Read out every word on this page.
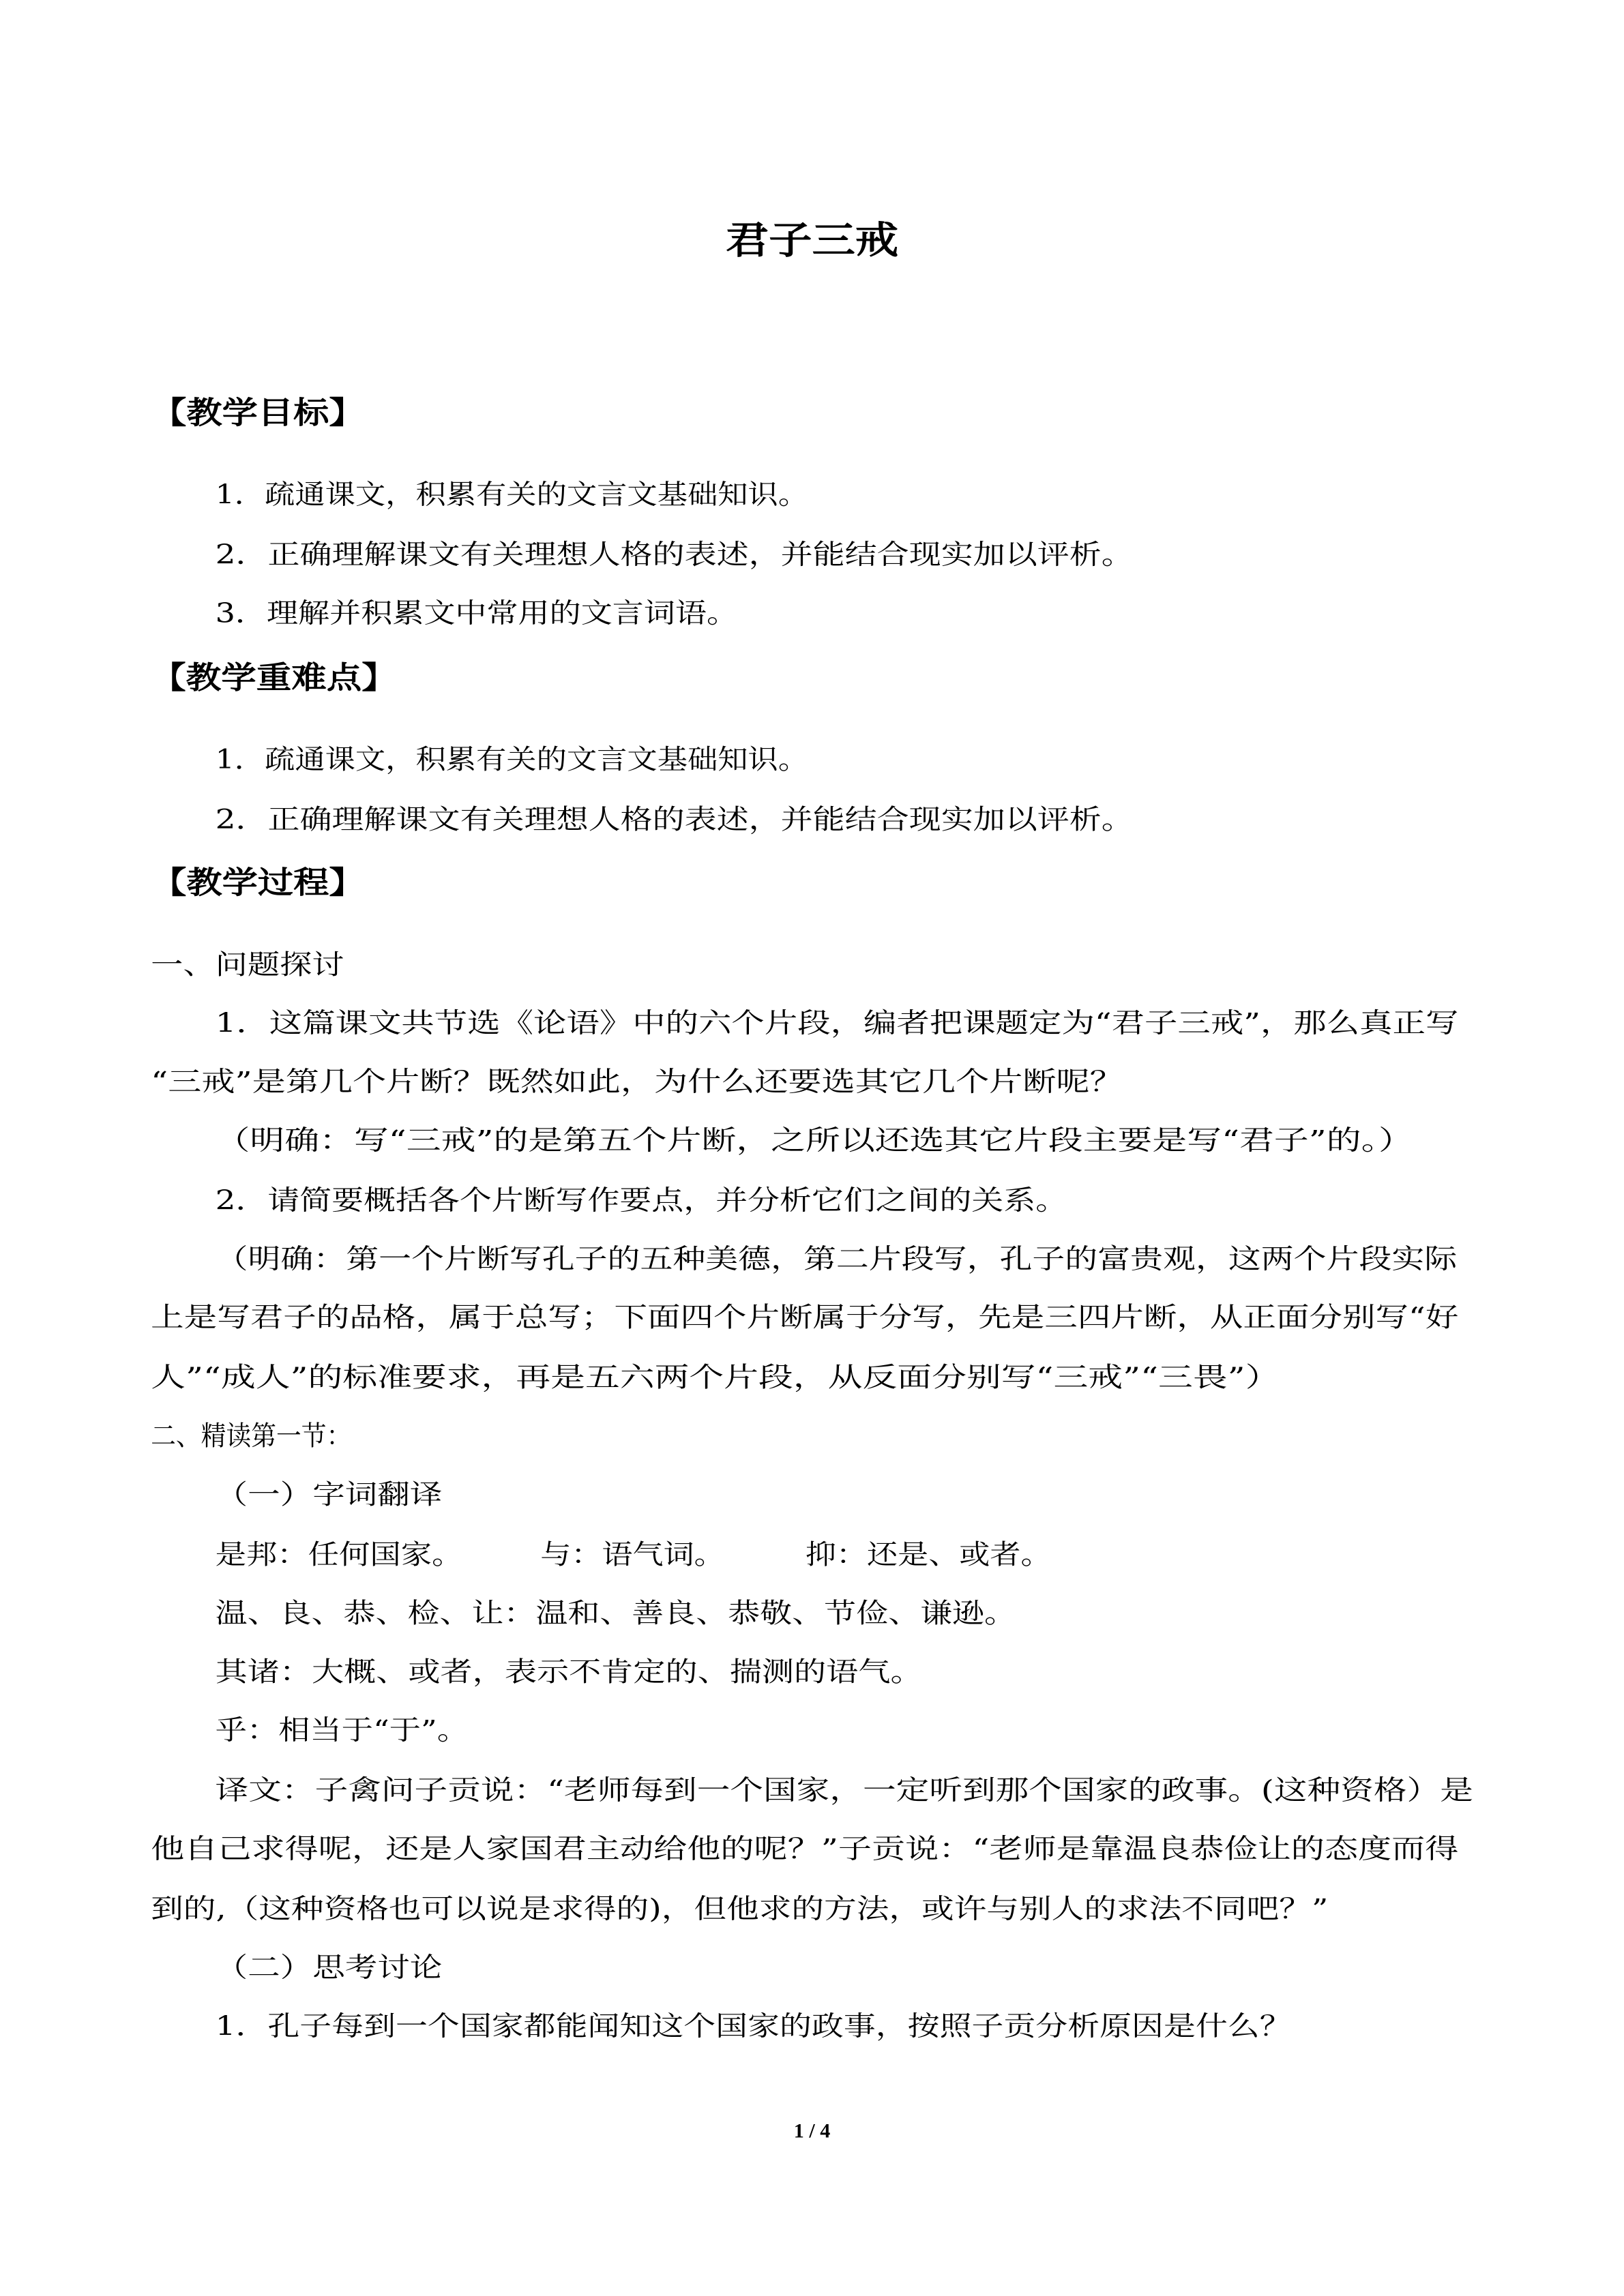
君子三戒
【教学目标】
1．疏通课文，积累有关的文言文基础知识。
2．正确理解课文有关理想人格的表述，并能结合现实加以评析。
3．理解并积累文中常用的文言词语。
【教学重难点】
1．疏通课文，积累有关的文言文基础知识。
2．正确理解课文有关理想人格的表述，并能结合现实加以评析。
【教学过程】
一、问题探讨
1．这篇课文共节选《论语》中的六个片段，编者把课题定为“君子三戒”，那么真正写
“三戒”是第几个片断？既然如此，为什么还要选其它几个片断呢？
（明确：写“三戒”的是第五个片断，之所以还选其它片段主要是写“君子”的。）
2．请简要概括各个片断写作要点，并分析它们之间的关系。
（明确：第一个片断写孔子的五种美德，第二片段写，孔子的富贵观，这两个片段实际
上是写君子的品格，属于总写；下面四个片断属于分写，先是三四片断，从正面分别写“好
人”“成人”的标准要求，再是五六两个片段，从反面分别写“三戒”“三畏”）
二、精读第一节：
（一）字词翻译
是邦：任何国家。	与：语气词。	抑：还是、或者。
温、良、恭、检、让：温和、善良、恭敬、节俭、谦逊。
其诸：大概、或者，表示不肯定的、揣测的语气。
乎：相当于“于”。
译文：子禽问子贡说：“老师每到一个国家，一定听到那个国家的政事。(这种资格）是
他自己求得呢，还是人家国君主动给他的呢？”子贡说：“老师是靠温良恭俭让的态度而得
到的,（这种资格也可以说是求得的)，但他求的方法，或许与别人的求法不同吧？”
（二）思考讨论
1．孔子每到一个国家都能闻知这个国家的政事，按照子贡分析原因是什么？
1 / 4
